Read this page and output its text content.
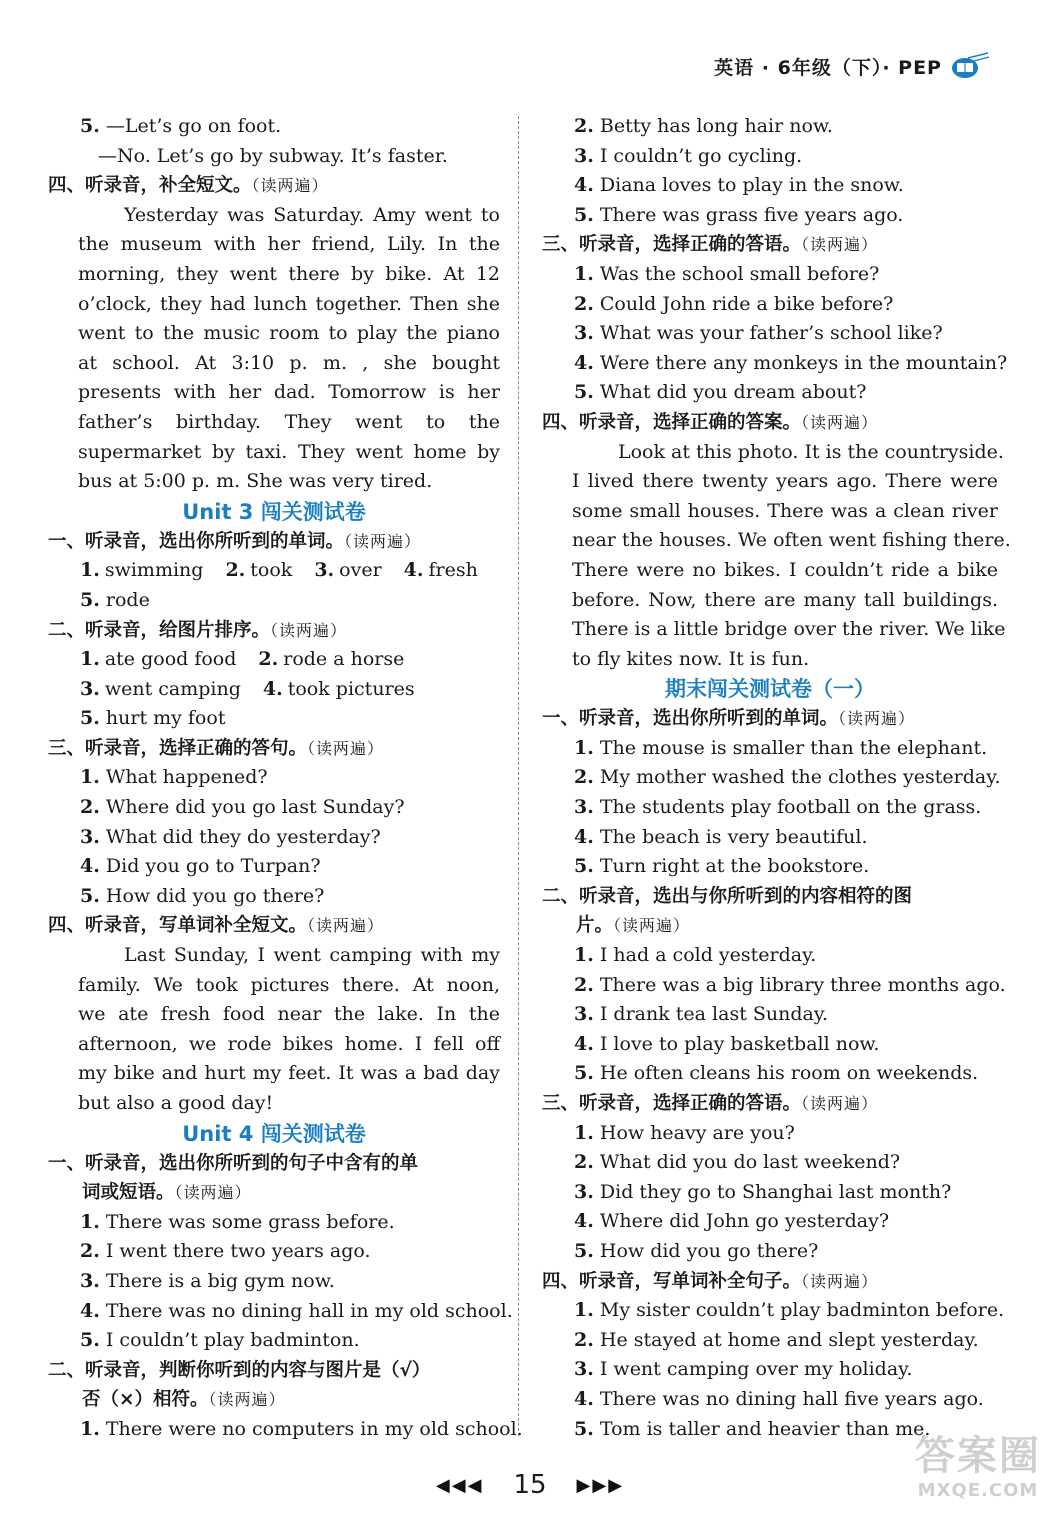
英语 · 6年级（下）· PEP
5. —Let’s go on foot.
—No. Let’s go by subway. It’s faster.
四、听录音，补全短文。（读两遍）
Yesterday was Saturday. Amy went to
the museum with her friend, Lily. In the
morning, they went there by bike. At 12
o’clock, they had lunch together. Then she
went to the music room to play the piano
at school. At 3:10 p. m. , she bought
presents with her dad. Tomorrow is her
father’s birthday. They went to the
supermarket by taxi. They went home by
bus at 5:00 p. m. She was very tired.
Unit 3 闯关测试卷
一、听录音，选出你所听到的单词。（读两遍）
1. swimming 2. took 3. over 4. fresh
5. rode
二、听录音，给图片排序。（读两遍）
1. ate good food 2. rode a horse
3. went camping 4. took pictures
5. hurt my foot
三、听录音，选择正确的答句。（读两遍）
1. What happened?
2. Where did you go last Sunday?
3. What did they do yesterday?
4. Did you go to Turpan?
5. How did you go there?
四、听录音，写单词补全短文。（读两遍）
Last Sunday, I went camping with my
family. We took pictures there. At noon,
we ate fresh food near the lake. In the
afternoon, we rode bikes home. I fell off
my bike and hurt my feet. It was a bad day
but also a good day!
Unit 4 闯关测试卷
一、听录音，选出你所听到的句子中含有的单
词或短语。（读两遍）
1. There was some grass before.
2. I went there two years ago.
3. There is a big gym now.
4. There was no dining hall in my old school.
5. I couldn’t play badminton.
二、听录音，判断你听到的内容与图片是（√）
否（×）相符。（读两遍）
1. There were no computers in my old school.
2. Betty has long hair now.
3. I couldn’t go cycling.
4. Diana loves to play in the snow.
5. There was grass five years ago.
三、听录音，选择正确的答语。（读两遍）
1. Was the school small before?
2. Could John ride a bike before?
3. What was your father’s school like?
4. Were there any monkeys in the mountain?
5. What did you dream about?
四、听录音，选择正确的答案。（读两遍）
Look at this photo. It is the countryside.
I lived there twenty years ago. There were
some small houses. There was a clean river
near the houses. We often went fishing there.
There were no bikes. I couldn’t ride a bike
before. Now, there are many tall buildings.
There is a little bridge over the river. We like
to fly kites now. It is fun.
期末闯关测试卷（一）
一、听录音，选出你所听到的单词。（读两遍）
1. The mouse is smaller than the elephant.
2. My mother washed the clothes yesterday.
3. The students play football on the grass.
4. The beach is very beautiful.
5. Turn right at the bookstore.
二、听录音，选出与你所听到的内容相符的图
片。（读两遍）
1. I had a cold yesterday.
2. There was a big library three months ago.
3. I drank tea last Sunday.
4. I love to play basketball now.
5. He often cleans his room on weekends.
三、听录音，选择正确的答语。（读两遍）
1. How heavy are you?
2. What did you do last weekend?
3. Did they go to Shanghai last month?
4. Where did John go yesterday?
5. How did you go there?
四、听录音，写单词补全句子。（读两遍）
1. My sister couldn’t play badminton before.
2. He stayed at home and slept yesterday.
3. I went camping over my holiday.
4. There was no dining hall five years ago.
5. Tom is taller and heavier than me.
◀◀◀ 15 ▶▶▶
答案圈
MXQE.COM
